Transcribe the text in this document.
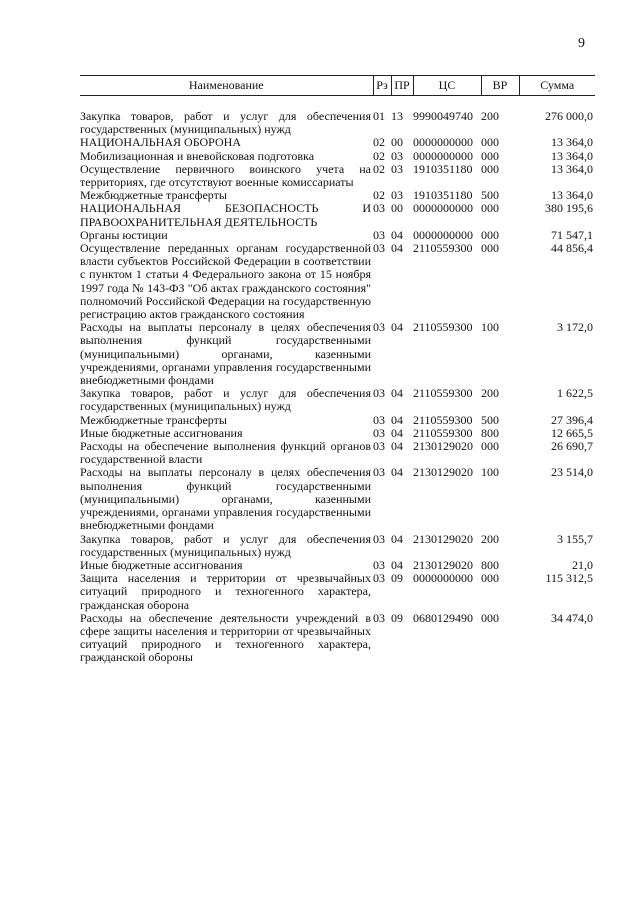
9
Наименование	Рз	ПР	ЦС	ВР	Сумма
Закупка товаров, работ и услуг для обеспечения государственных (муниципальных) нужд	01	13	9990049740	200	276 000,0
НАЦИОНАЛЬНАЯ ОБОРОНА	02	00	0000000000	000	13 364,0
Мобилизационная и вневойсковая подготовка	02	03	0000000000	000	13 364,0
Осуществление первичного воинского учета на территориях, где отсутствуют военные комиссариаты	02	03	1910351180	000	13 364,0
Межбюджетные трансферты	02	03	1910351180	500	13 364,0
НАЦИОНАЛЬНАЯ БЕЗОПАСНОСТЬ И ПРАВООХРАНИТЕЛЬНАЯ ДЕЯТЕЛЬНОСТЬ	03	00	0000000000	000	380 195,6
Органы юстиции	03	04	0000000000	000	71 547,1
Осуществление переданных органам государственной власти субъектов Российской Федерации в соответствии с пунктом 1 статьи 4 Федерального закона от 15 ноября 1997 года № 143-ФЗ "Об актах гражданского состояния" полномочий Российской Федерации на государственную регистрацию актов гражданского состояния	03	04	2110559300	000	44 856,4
Расходы на выплаты персоналу в целях обеспечения выполнения функций государственными (муниципальными) органами, казенными учреждениями, органами управления государственными внебюджетными фондами	03	04	2110559300	100	3 172,0
Закупка товаров, работ и услуг для обеспечения государственных (муниципальных) нужд	03	04	2110559300	200	1 622,5
Межбюджетные трансферты	03	04	2110559300	500	27 396,4
Иные бюджетные ассигнования	03	04	2110559300	800	12 665,5
Расходы на обеспечение выполнения функций органов государственной власти	03	04	2130129020	000	26 690,7
Расходы на выплаты персоналу в целях обеспечения выполнения функций государственными (муниципальными) органами, казенными учреждениями, органами управления государственными внебюджетными фондами	03	04	2130129020	100	23 514,0
Закупка товаров, работ и услуг для обеспечения государственных (муниципальных) нужд	03	04	2130129020	200	3 155,7
Иные бюджетные ассигнования	03	04	2130129020	800	21,0
Защита населения и территории от чрезвычайных ситуаций природного и техногенного характера, гражданская оборона	03	09	0000000000	000	115 312,5
Расходы на обеспечение деятельности учреждений в сфере защиты населения и территории от чрезвычайных ситуаций природного и техногенного характера, гражданской обороны	03	09	0680129490	000	34 474,0
